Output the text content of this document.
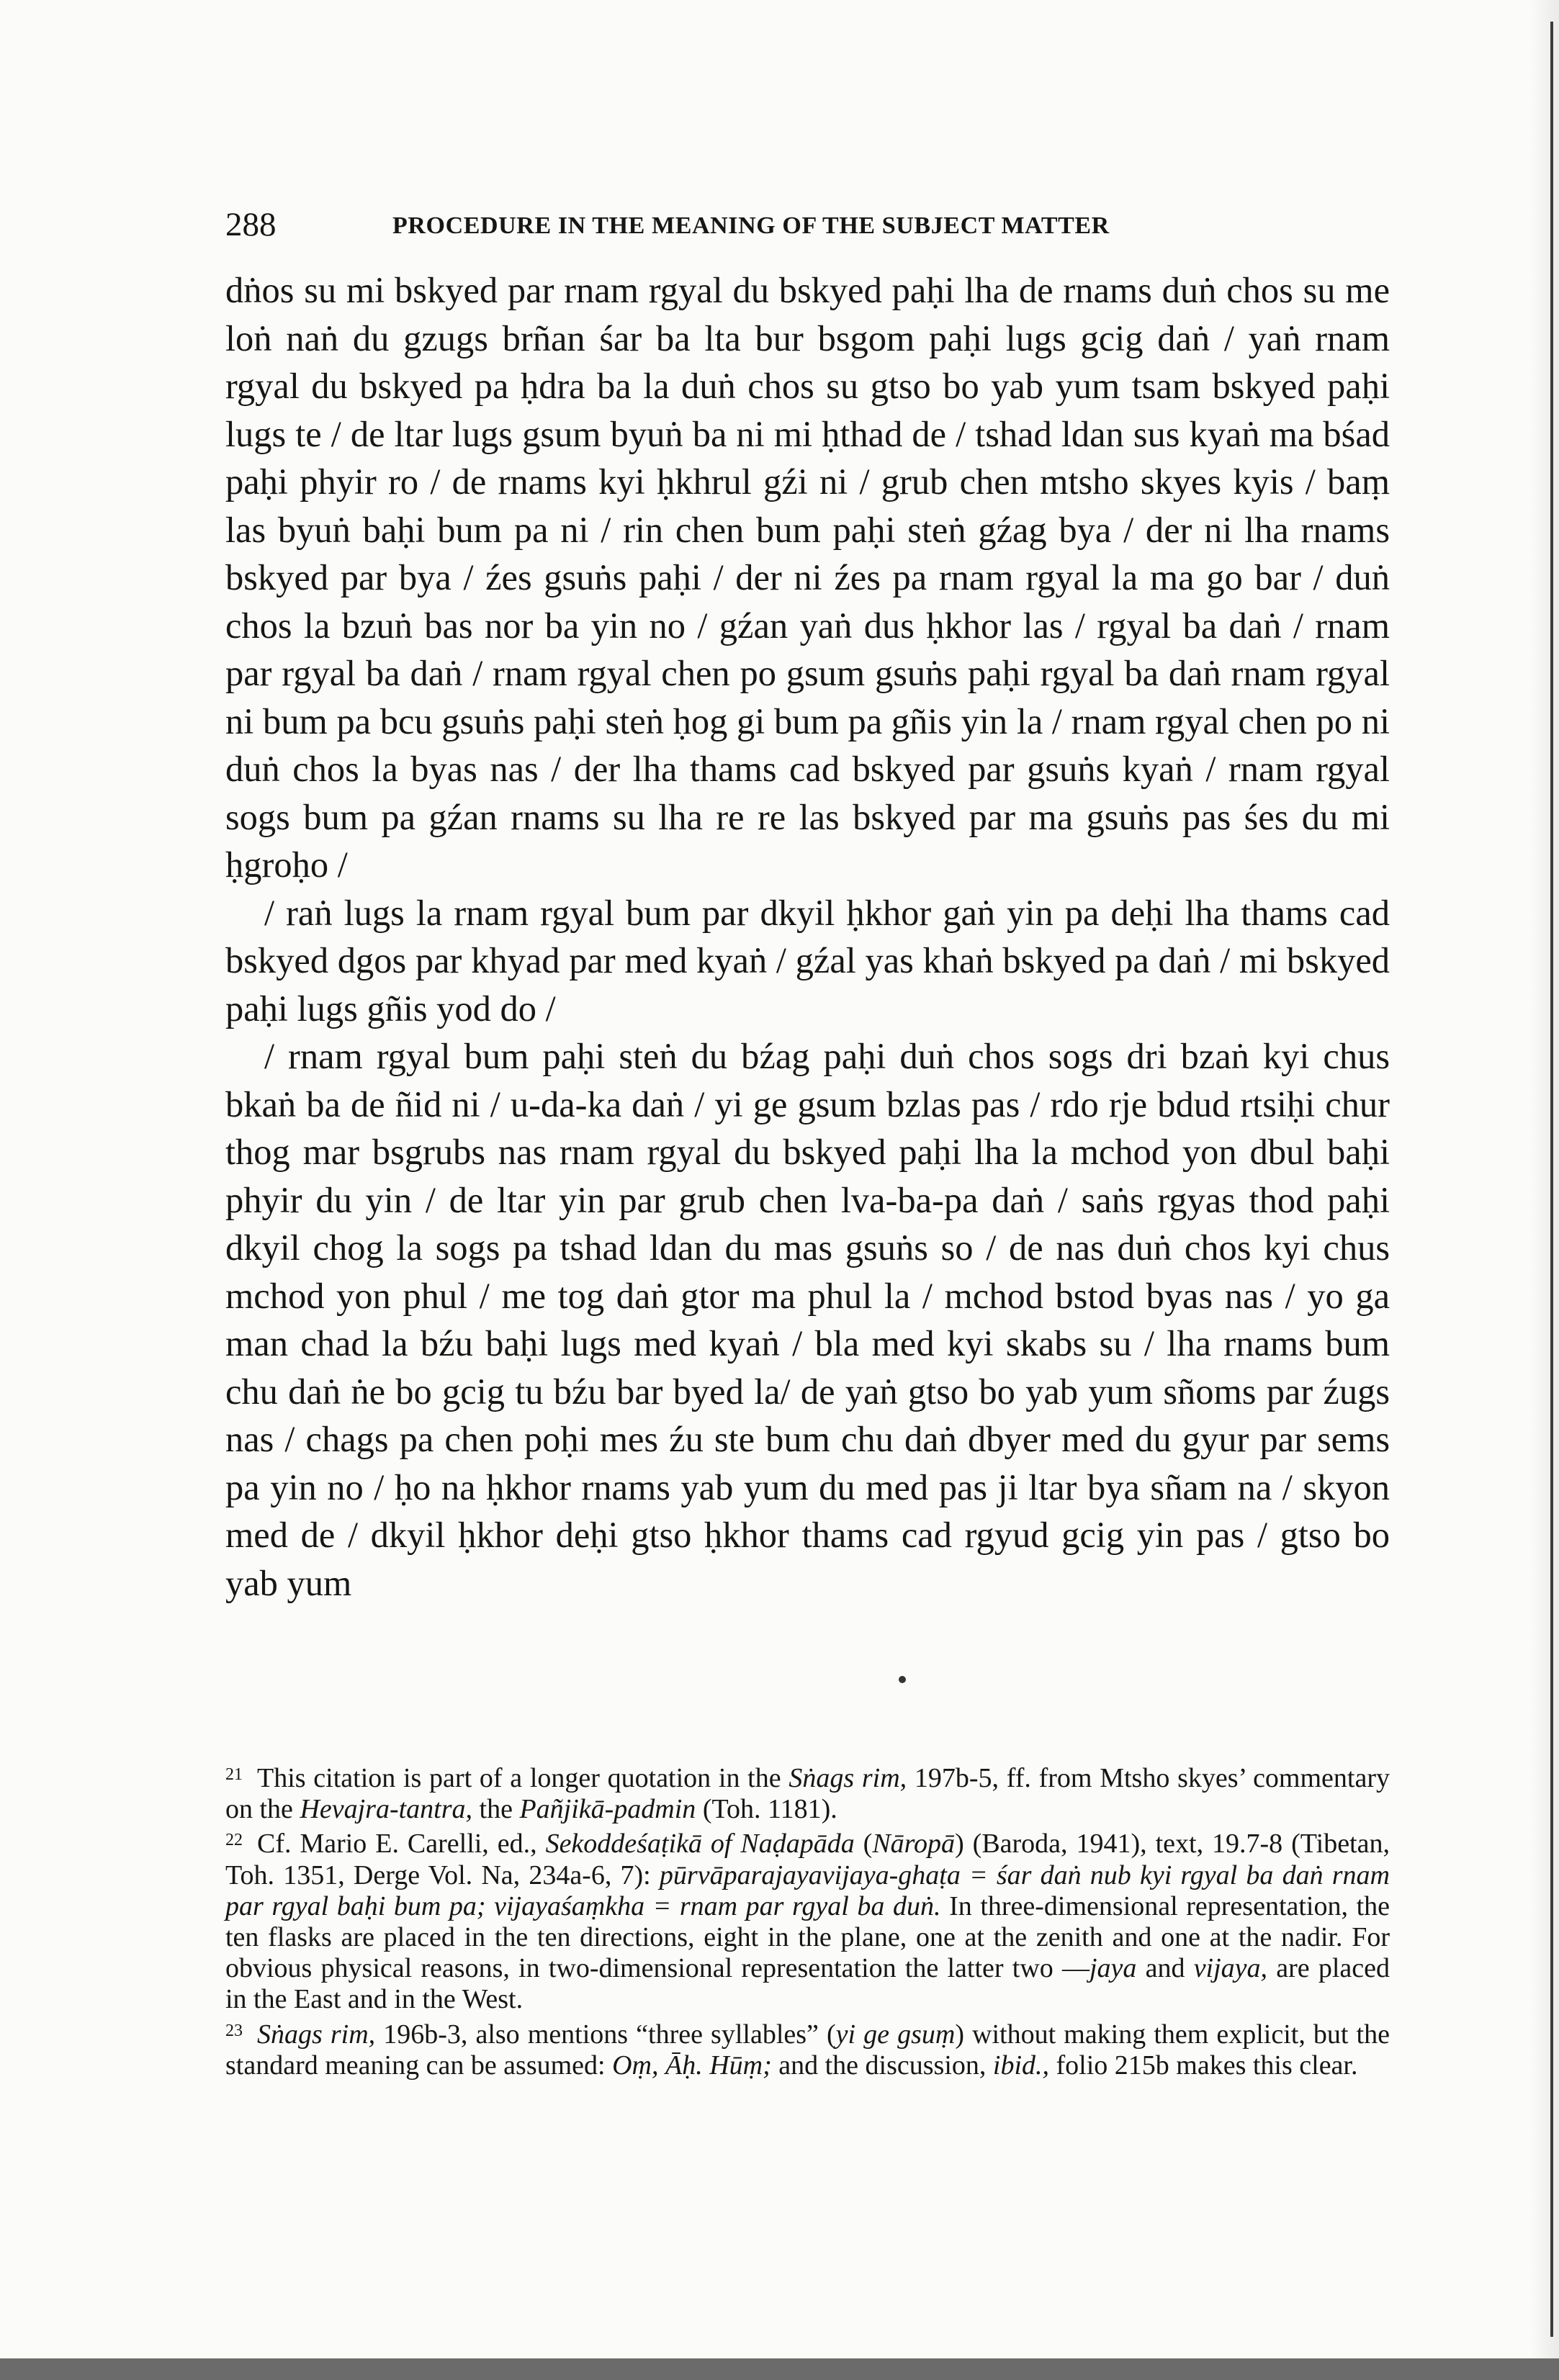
288	PROCEDURE IN THE MEANING OF THE SUBJECT MATTER

dṅos su mi bskyed par rnam rgyal du bskyed paḥi lha de rnams duṅ chos su me loṅ naṅ du gzugs brñan śar ba lta bur bsgom paḥi lugs gcig daṅ / yaṅ rnam rgyal du bskyed pa ḥdra ba la duṅ chos su gtso bo yab yum tsam bskyed paḥi lugs te / de ltar lugs gsum byuṅ ba ni mi ḥthad de / tshad ldan sus kyaṅ ma bśad paḥi phyir ro / de rnams kyi ḥkhrul gźi ni / grub chen mtsho skyes kyis / baṃ las byuṅ baḥi bum pa ni / rin chen bum paḥi steṅ gźag bya / der ni lha rnams bskyed par bya / źes gsuṅs paḥi / der ni źes pa rnam rgyal la ma go bar / duṅ chos la bzuṅ bas nor ba yin no / gźan yaṅ dus ḥkhor las / rgyal ba daṅ / rnam par rgyal ba daṅ / rnam rgyal chen po gsum gsuṅs paḥi rgyal ba daṅ rnam rgyal ni bum pa bcu gsuṅs paḥi steṅ ḥog gi bum pa gñis yin la / rnam rgyal chen po ni duṅ chos la byas nas / der lha thams cad bskyed par gsuṅs kyaṅ / rnam rgyal sogs bum pa gźan rnams su lha re re las bskyed par ma gsuṅs pas śes du mi ḥgroḥo /

/ raṅ lugs la rnam rgyal bum par dkyil ḥkhor gaṅ yin pa deḥi lha thams cad bskyed dgos par khyad par med kyaṅ / gźal yas khaṅ bskyed pa daṅ / mi bskyed paḥi lugs gñis yod do /

/ rnam rgyal bum paḥi steṅ du bźag paḥi duṅ chos sogs dri bzaṅ kyi chus bkaṅ ba de ñid ni / u-da-ka daṅ / yi ge gsum bzlas pas / rdo rje bdud rtsiḥi chur thog mar bsgrubs nas rnam rgyal du bskyed paḥi lha la mchod yon dbul baḥi phyir du yin / de ltar yin par grub chen lva-ba-pa daṅ / saṅs rgyas thod paḥi dkyil chog la sogs pa tshad ldan du mas gsuṅs so / de nas duṅ chos kyi chus mchod yon phul / me tog daṅ gtor ma phul la / mchod bstod byas nas / yo ga man chad la bźu baḥi lugs med kyaṅ / bla med kyi skabs su / lha rnams bum chu daṅ ṅe bo gcig tu bźu bar byed la/ de yaṅ gtso bo yab yum sñoms par źugs nas / chags pa chen poḥi mes źu ste bum chu daṅ dbyer med du gyur par sems pa yin no / ḥo na ḥkhor rnams yab yum du med pas ji ltar bya sñam na / skyon med de / dkyil ḥkhor deḥi gtso ḥkhor thams cad rgyud gcig yin pas / gtso bo yab yum

$^{21}$ This citation is part of a longer quotation in the Sṅags rim, 197b-5, ff. from Mtsho skyes’ commentary on the Hevajra-tantra, the Pañjikā-padmin (Toh. 1181).

$^{22}$ Cf. Mario E. Carelli, ed., Sekoddeśaṭikā of Naḍapāda (Nāropā) (Baroda, 1941), text, 19.7-8 (Tibetan, Toh. 1351, Derge Vol. Na, 234a-6, 7): pūrvāparajayavijaya-ghaṭa = śar daṅ nub kyi rgyal ba daṅ rnam par rgyal baḥi bum pa; vijayaśaṃkha = rnam par rgyal ba duṅ. In three-dimensional representation, the ten flasks are placed in the ten directions, eight in the plane, one at the zenith and one at the nadir. For obvious physical reasons, in two-dimensional representation the latter two —jaya and vijaya, are placed in the East and in the West.

$^{23}$ Sṅags rim, 196b-3, also mentions “three syllables” (yi ge gsuṃ) without making them explicit, but the standard meaning can be assumed: Oṃ, Āḥ. Hūṃ; and the discussion, ibid., folio 215b makes this clear.
